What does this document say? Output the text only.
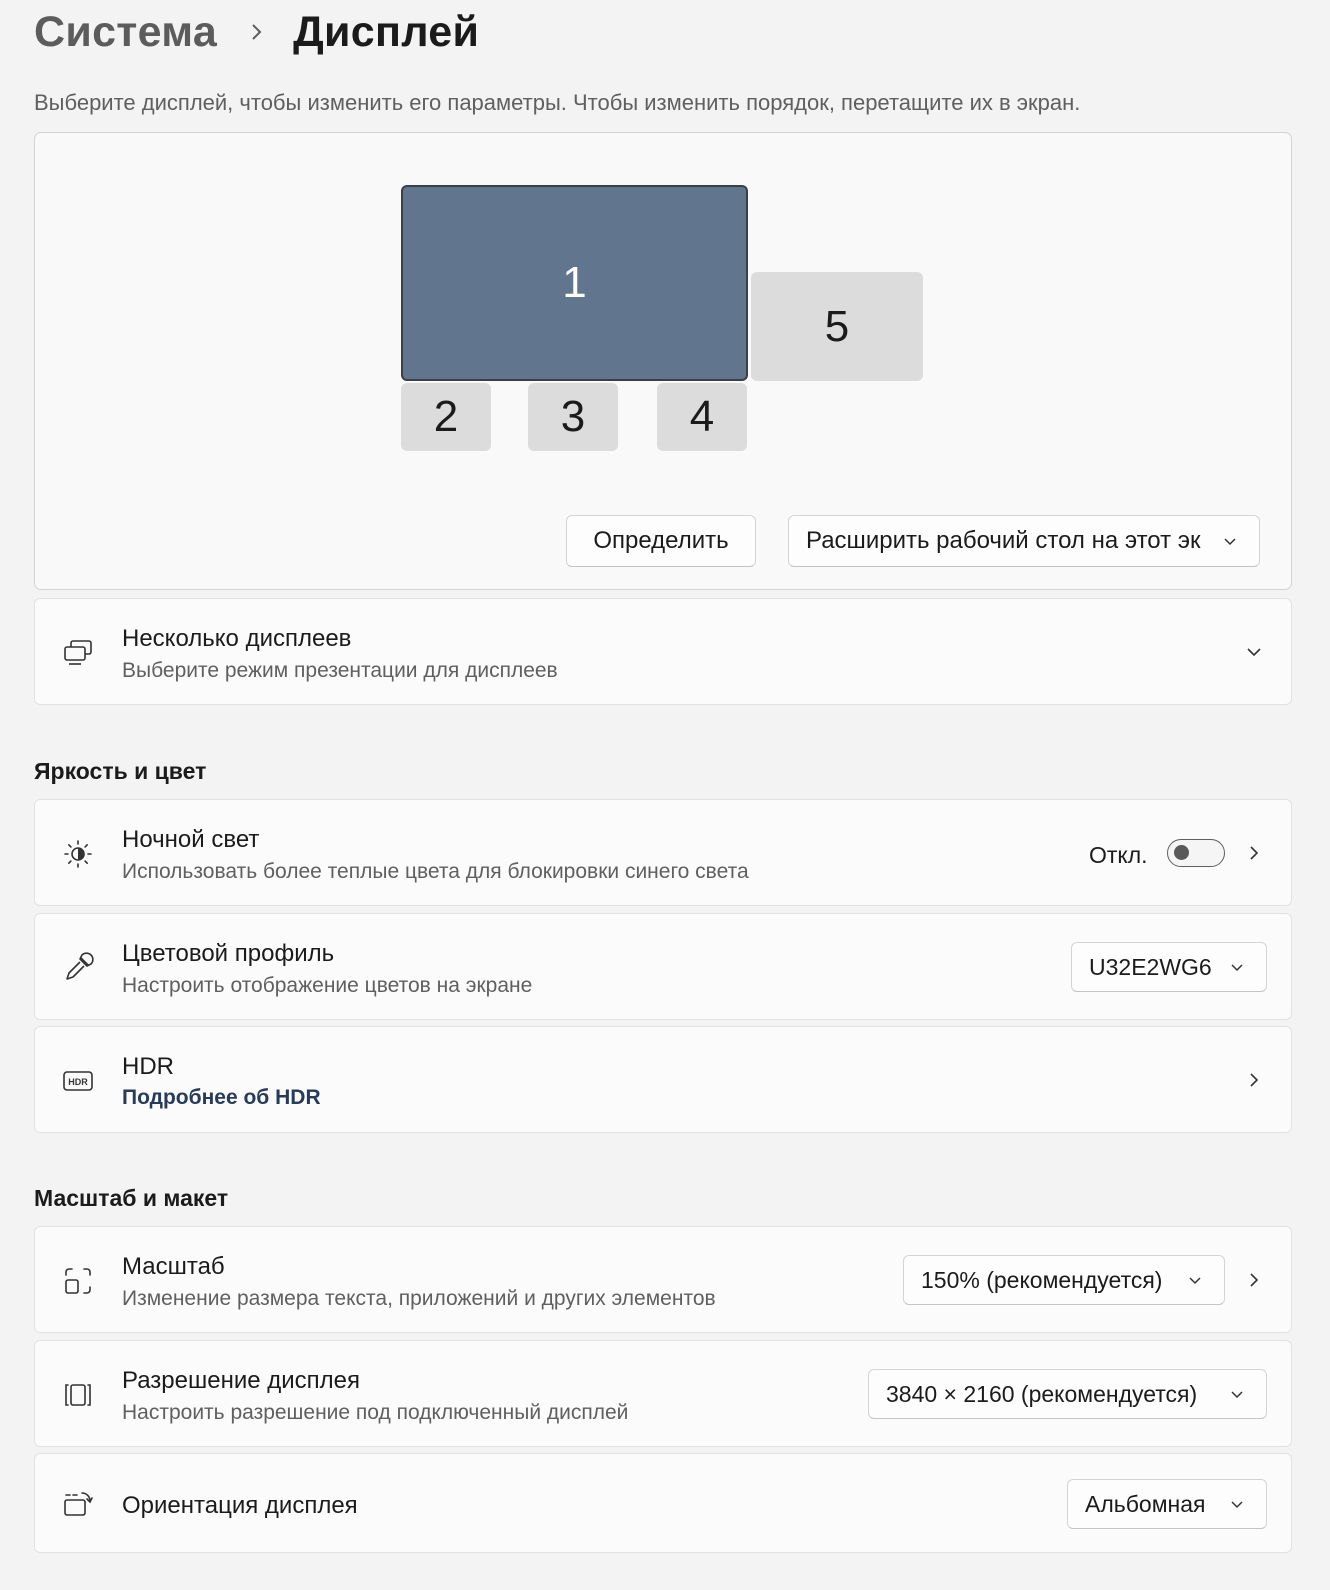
Система Дисплей
Выберите дисплей, чтобы изменить его параметры. Чтобы изменить порядок, перетащите их в экран.
1
2	3	4
5
Определить	Расширить рабочий стол на этот эк
Несколько дисплеев
Выберите режим презентации для дисплеев
Яркость и цвет
Ночной свет
Использовать более теплые цвета для блокировки синего света
Откл.
Цветовой профиль
Настроить отображение цветов на экране
U32E2WG6
HDR
HDR
Подробнее об HDR
Масштаб и макет
Масштаб
Изменение размера текста, приложений и других элементов
150% (рекомендуется)
Разрешение дисплея
Настроить разрешение под подключенный дисплей
3840 × 2160 (рекомендуется)
Ориентация дисплея	Альбомная
